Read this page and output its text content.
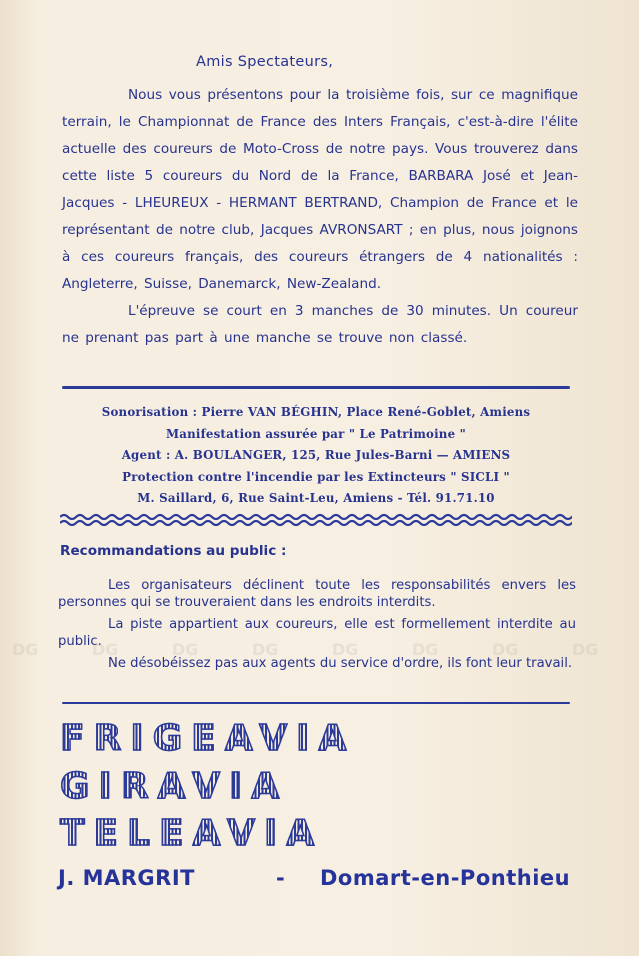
Amis Spectateurs,

Nous vous présentons pour la troisième fois, sur ce magnifique terrain, le Championnat de France des Inters Français, c'est-à-dire l'élite actuelle des coureurs de Moto-Cross de notre pays. Vous trouverez dans cette liste 5 coureurs du Nord de la France, BARBARA José et Jean-Jacques - LHEUREUX - HERMANT BERTRAND, Champion de France et le représentant de notre club, Jacques AVRONSART ; en plus, nous joignons à ces coureurs français, des coureurs étrangers de 4 nationalités : Angleterre, Suisse, Danemarck, New-Zealand.

L'épreuve se court en 3 manches de 30 minutes. Un coureur ne prenant pas part à une manche se trouve non classé.

Sonorisation : Pierre VAN BÉGHIN, Place René-Goblet, Amiens
Manifestation assurée par " Le Patrimoine "
Agent : A. BOULANGER, 125, Rue Jules-Barni — AMIENS
Protection contre l'incendie par les Extincteurs " SICLI "
M. Saillard, 6, Rue Saint-Leu, Amiens - Tél. 91.71.10
Recommandations au public :

Les organisateurs déclinent toute les responsabilités envers les personnes qui se trouveraient dans les endroits interdits.

La piste appartient aux coureurs, elle est formellement interdite au public.

Ne désobéissez pas aux agents du service d'ordre, ils font leur travail.

DG	DG	DG	DG	DG	DG	DG	DG
FRIGEAVIA
GIRAVIA
TELEAVIA
J. MARGRIT	- Domart-en-Ponthieu
